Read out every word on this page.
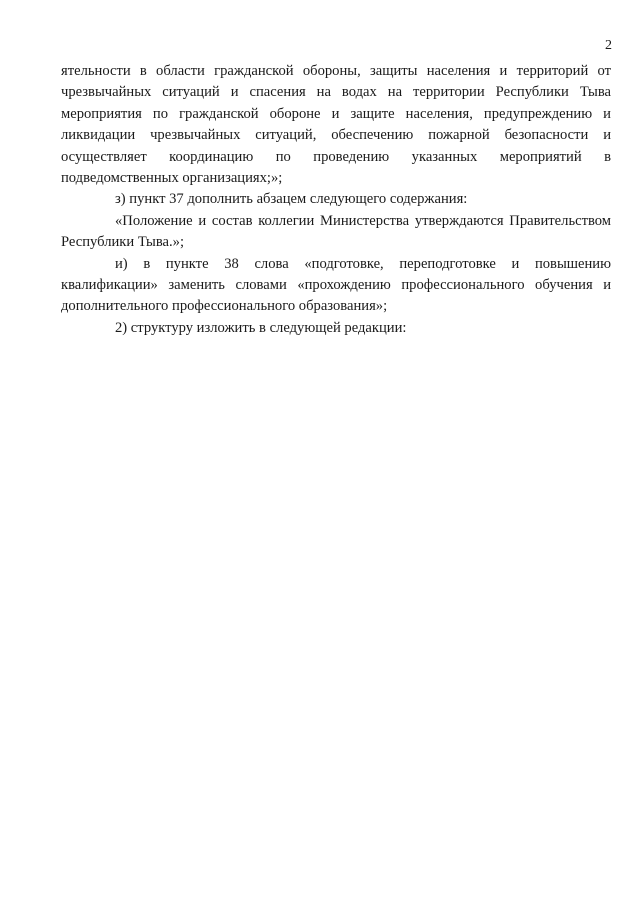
2

ятельности в области гражданской обороны, защиты населения и территорий от чрезвычайных ситуаций и спасения на водах на территории Республики Тыва мероприятия по гражданской обороне и защите населения, предупреждению и ликвидации чрезвычайных ситуаций, обеспечению пожарной безопасности и осуществляет координацию по проведению указанных мероприятий в подведомственных организациях;»;

з) пункт 37 дополнить абзацем следующего содержания:

«Положение и состав коллегии Министерства утверждаются Правительством Республики Тыва.»;

и) в пункте 38 слова «подготовке, переподготовке и повышению квалификации» заменить словами «прохождению профессионального обучения и дополнительного профессионального образования»;

2) структуру изложить в следующей редакции:
